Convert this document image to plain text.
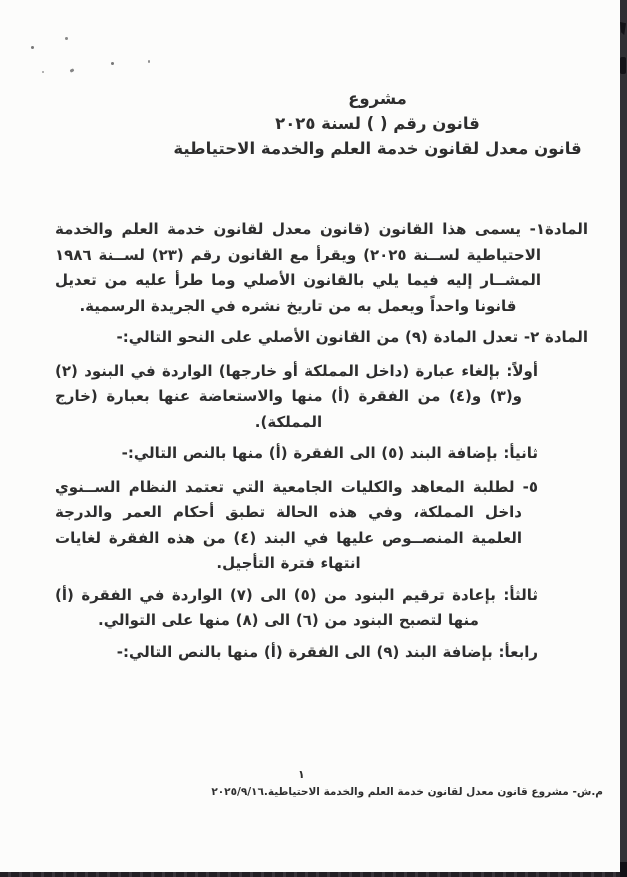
مشروع
قانون رقم ( ) لسنة ٢٠٢٥
قانون معدل لقانون خدمة العلم والخدمة الاحتياطية

المادة١- يسمى هذا القانون (قانون معدل لقانون خدمة العلم والخدمة الاحتياطية لســنة ٢٠٢٥) ويقرأ مع القانون رقم (٢٣) لســنة ١٩٨٦ المشــار إليه فيما يلي بالقانون الأصلي وما طرأ عليه من تعديل قانونا واحداً ويعمل به من تاريخ نشره في الجريدة الرسمية.

المادة ٢- تعدل المادة (٩) من القانون الأصلي على النحو التالي:-

أولاً: بإلغاء عبارة (داخل المملكة أو خارجها) الواردة في البنود (٢) و(٣) و(٤) من الفقرة (أ) منها والاستعاضة عنها بعبارة (خارج المملكة).

ثانيأ: بإضافة البند (٥) الى الفقرة (أ) منها بالنص التالي:-

٥- لطلبة المعاهد والكليات الجامعية التي تعتمد النظام الســنوي داخل المملكة، وفي هذه الحالة تطبق أحكام العمر والدرجة العلمية المنصــوص عليها في البند (٤) من هذه الفقرة لغايات انتهاء فترة التأجيل.

ثالثأ: بإعادة ترقيم البنود من (٥) الى (٧) الواردة في الفقرة (أ) منها لتصبح البنود من (٦) الى (٨) منها على التوالي.

رابعأ: بإضافة البند (٩) الى الفقرة (أ) منها بالنص التالي:-

١
م.ش- مشروع قانون معدل لقانون خدمة العلم والخدمة الاحتياطية.٢٠٢٥/٩/١٦
